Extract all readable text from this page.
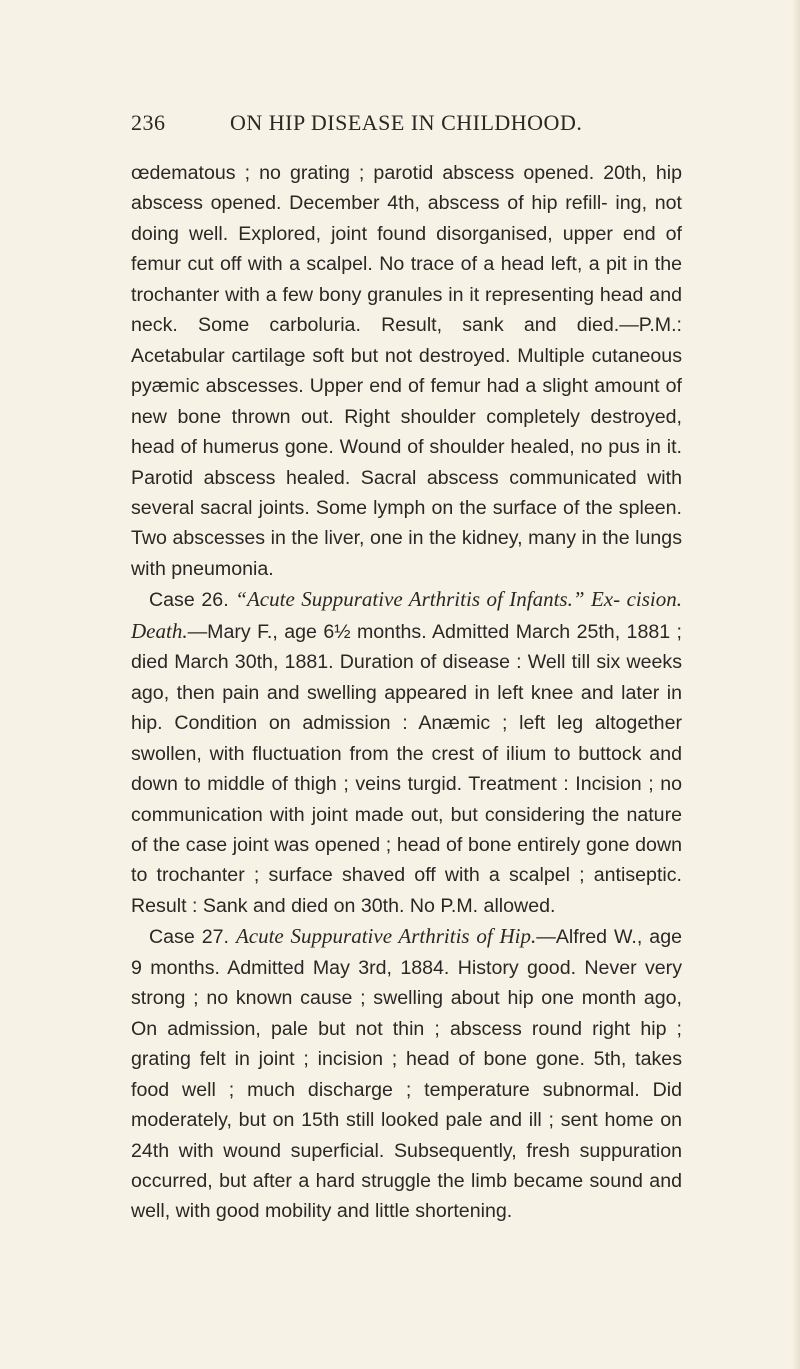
236	ON HIP DISEASE IN CHILDHOOD.

œdematous ; no grating ; parotid abscess opened. 20th, hip abscess opened. December 4th, abscess of hip refill- ing, not doing well. Explored, joint found disorganised, upper end of femur cut off with a scalpel. No trace of a head left, a pit in the trochanter with a few bony granules in it representing head and neck. Some carboluria. Result, sank and died.—P.M.: Acetabular cartilage soft but not destroyed. Multiple cutaneous pyæmic abscesses. Upper end of femur had a slight amount of new bone thrown out. Right shoulder completely destroyed, head of humerus gone. Wound of shoulder healed, no pus in it. Parotid abscess healed. Sacral abscess communicated with several sacral joints. Some lymph on the surface of the spleen. Two abscesses in the liver, one in the kidney, many in the lungs with pneumonia.

Case 26. “Acute Suppurative Arthritis of Infants.” Ex- cision. Death.—Mary F., age 6½ months. Admitted March 25th, 1881 ; died March 30th, 1881. Duration of disease : Well till six weeks ago, then pain and swelling appeared in left knee and later in hip. Condition on admission : Anæmic ; left leg altogether swollen, with fluctuation from the crest of ilium to buttock and down to middle of thigh ; veins turgid. Treatment : Incision ; no communication with joint made out, but considering the nature of the case joint was opened ; head of bone entirely gone down to trochanter ; surface shaved off with a scalpel ; antiseptic. Result : Sank and died on 30th. No P.M. allowed.

Case 27. Acute Suppurative Arthritis of Hip.—Alfred W., age 9 months. Admitted May 3rd, 1884. History good. Never very strong ; no known cause ; swelling about hip one month ago, On admission, pale but not thin ; abscess round right hip ; grating felt in joint ; incision ; head of bone gone. 5th, takes food well ; much discharge ; temperature subnormal. Did moderately, but on 15th still looked pale and ill ; sent home on 24th with wound superficial. Subsequently, fresh suppuration occurred, but after a hard struggle the limb became sound and well, with good mobility and little shortening.
